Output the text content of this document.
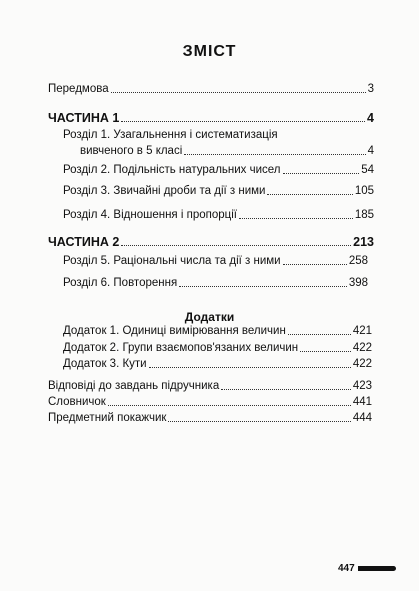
ЗМІСТ
Передмова	3
ЧАСТИНА 1	4
Розділ 1. Узагальнення і систематизація
вивченого в 5 класі	4
Розділ 2. Подільність натуральних чисел	54
Розділ 3. Звичайні дроби та дії з ними	105
Розділ 4. Відношення і пропорції	185
ЧАСТИНА 2	213
Розділ 5. Раціональні числа та дії з ними	258
Розділ 6. Повторення	398
Додатки
Додаток 1. Одиниці вимірювання величин	421
Додаток 2. Групи взаємопов'язаних величин	422
Додаток 3. Кути	422
Відповіді до завдань підручника	423
Словничок	441
Предметний покажчик	444
447
